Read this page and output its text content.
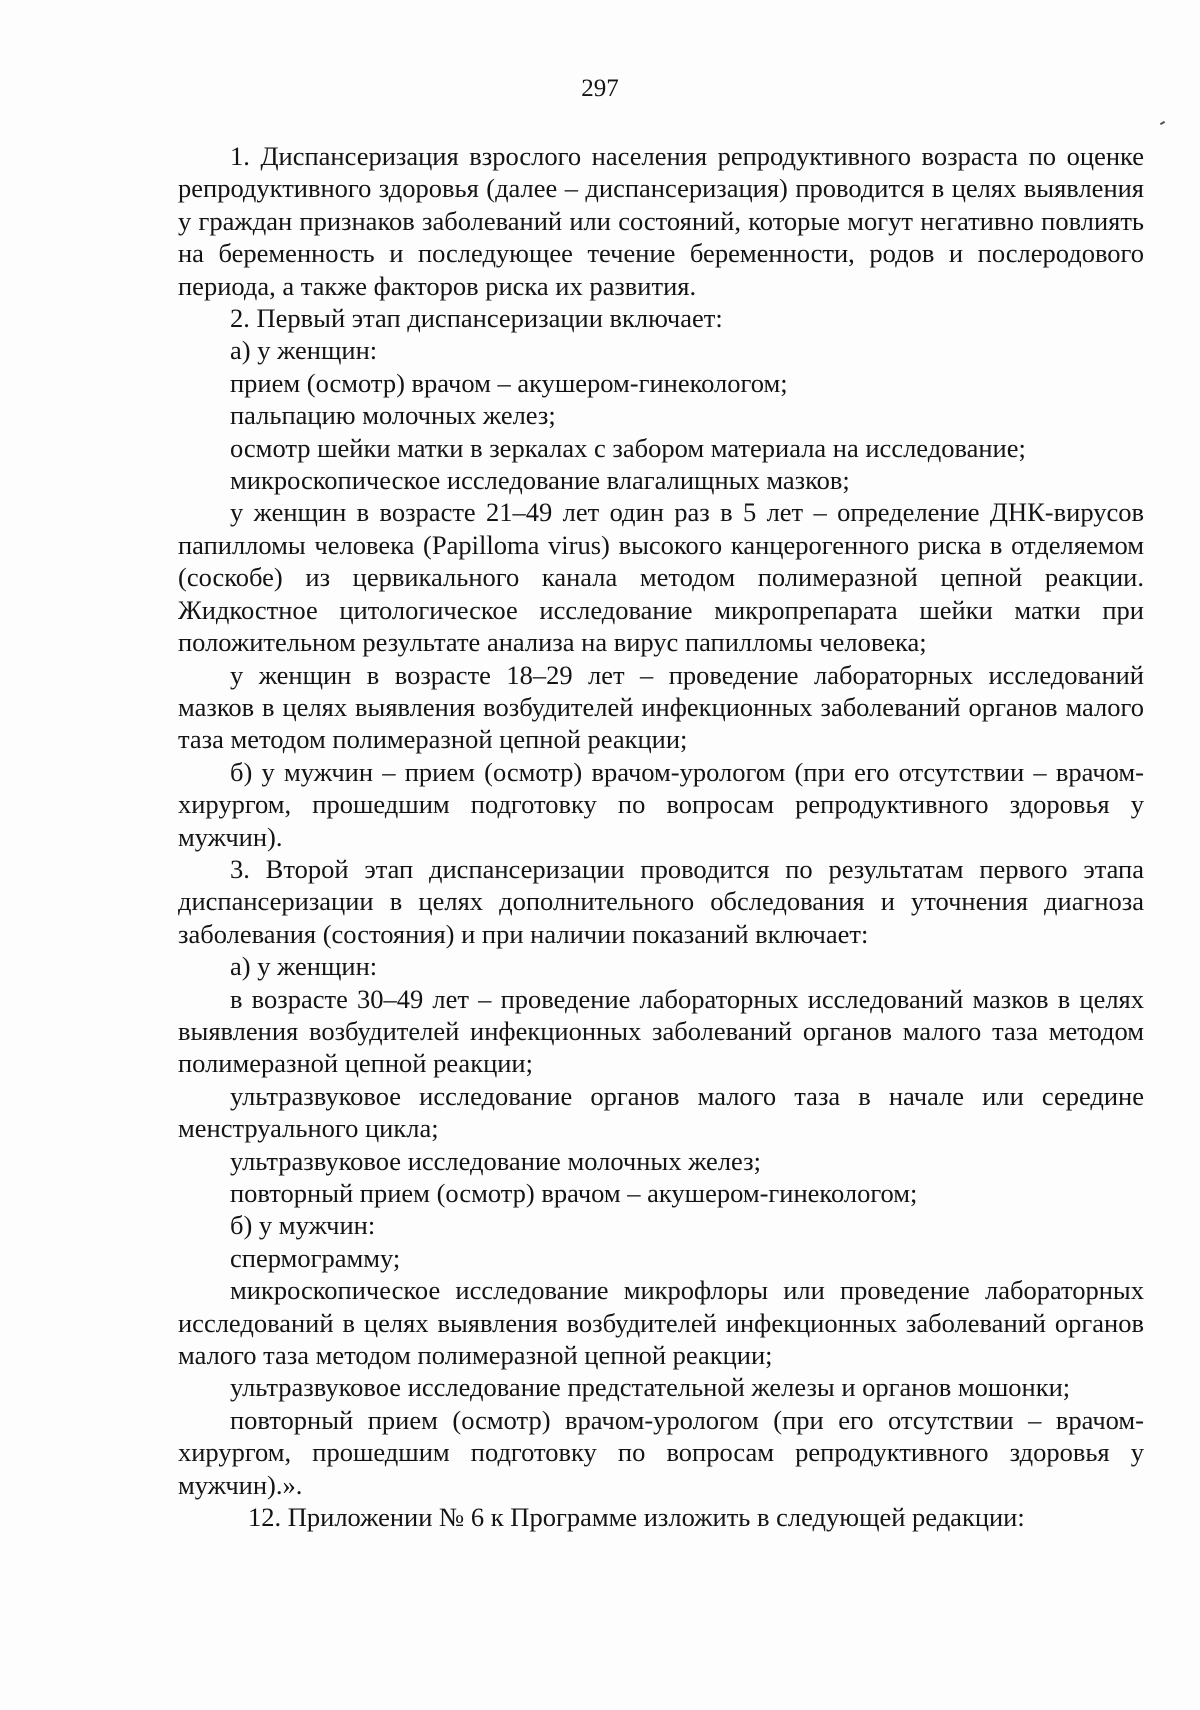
297

1. Диспансеризация взрослого населения репродуктивного возраста по оценке репродуктивного здоровья (далее – диспансеризация) проводится в целях выявления у граждан признаков заболеваний или состояний, которые могут негативно повлиять на беременность и последующее течение беременности, родов и послеродового периода, а также факторов риска их развития.

2. Первый этап диспансеризации включает:

а) у женщин:

прием (осмотр) врачом – акушером-гинекологом;

пальпацию молочных желез;

осмотр шейки матки в зеркалах с забором материала на исследование;

микроскопическое исследование влагалищных мазков;

у женщин в возрасте 21–49 лет один раз в 5 лет – определение ДНК-вирусов папилломы человека (Papilloma virus) высокого канцерогенного риска в отделяемом (соскобе) из цервикального канала методом полимеразной цепной реакции. Жидкостное цитологическое исследование микропрепарата шейки матки при положительном результате анализа на вирус папилломы человека;

у женщин в возрасте 18–29 лет – проведение лабораторных исследований мазков в целях выявления возбудителей инфекционных заболеваний органов малого таза методом полимеразной цепной реакции;

б) у мужчин – прием (осмотр) врачом-урологом (при его отсутствии – врачом-хирургом, прошедшим подготовку по вопросам репродуктивного здоровья у мужчин).

3. Второй этап диспансеризации проводится по результатам первого этапа диспансеризации в целях дополнительного обследования и уточнения диагноза заболевания (состояния) и при наличии показаний включает:

а) у женщин:

в возрасте 30–49 лет – проведение лабораторных исследований мазков в целях выявления возбудителей инфекционных заболеваний органов малого таза методом полимеразной цепной реакции;

ультразвуковое исследование органов малого таза в начале или середине менструального цикла;

ультразвуковое исследование молочных желез;

повторный прием (осмотр) врачом – акушером-гинекологом;

б) у мужчин:

спермограмму;

микроскопическое исследование микрофлоры или проведение лабораторных исследований в целях выявления возбудителей инфекционных заболеваний органов малого таза методом полимеразной цепной реакции;

ультразвуковое исследование предстательной железы и органов мошонки;

повторный прием (осмотр) врачом-урологом (при его отсутствии – врачом-хирургом, прошедшим подготовку по вопросам репродуктивного здоровья у мужчин).».

12. Приложении № 6 к Программе изложить в следующей редакции:
